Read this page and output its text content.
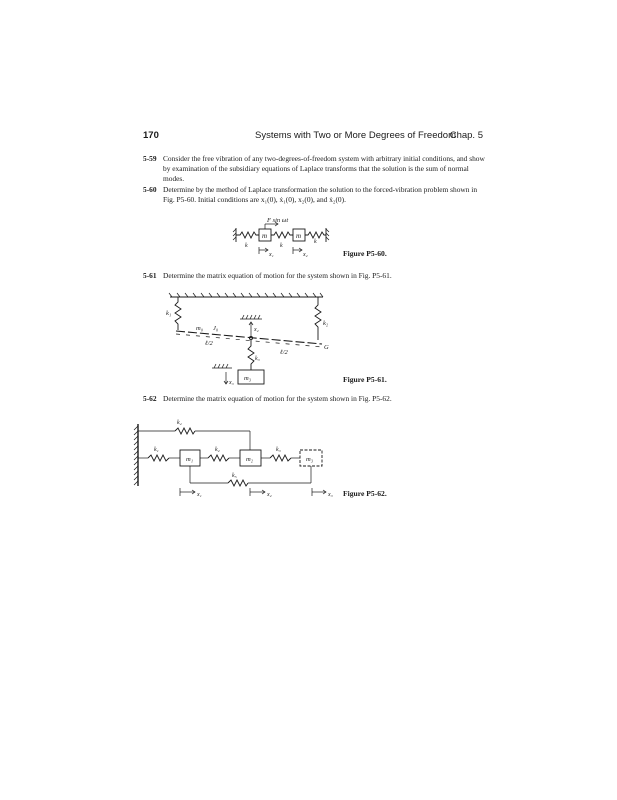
170	Systems with Two or More Degrees of Freedom
Chap. 5
5-59 Consider the free vibration of any two-degrees-of-freedom system with arbitrary initial conditions, and show by examination of the subsidiary equations of Laplace transforms that the solution is the sum of normal modes.
5-60 Determine by the method of Laplace transformation the solution to the forced-vibration problem shown in Fig. P5-60. Initial conditions are x₁(0), ẋ₁(0), x₂(0), and ẋ₂(0).
m	m
F sin ωt
k	k
k
x₁	x₂	Figure P5-60.
5-61 Determine the matrix equation of motion for the system shown in Fig. P5-61.
k₁
k₂
x₂
m₀ J₀
ℓ/2
ℓ/2
G
k₃
m₃
x₃	Figure P5-61.
5-62 Determine the matrix equation of motion for the system shown in Fig. P5-62.
k₄
k₁
m₁
k₂
m₂
k₃
m₃
k₅
x₁	x₂	x₃ Figure P5-62.
